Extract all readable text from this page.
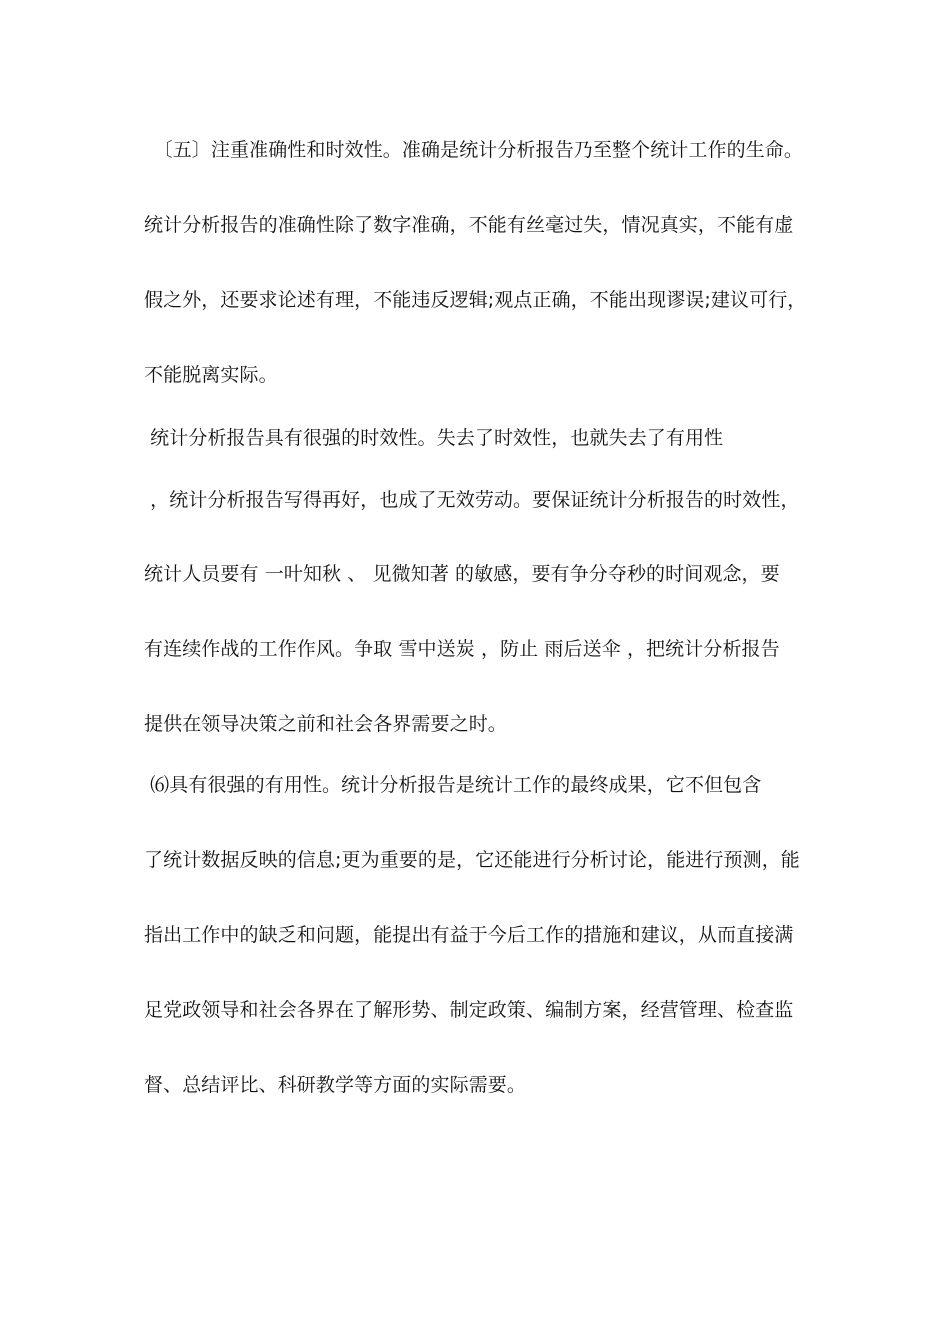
　〔五〕注重准确性和时效性。准确是统计分析报告乃至整个统计工作的生命。
统计分析报告的准确性除了数字准确，不能有丝毫过失，情况真实，不能有虚
假之外，还要求论述有理，不能违反逻辑;观点正确，不能出现谬误;建议可行，
不能脱离实际。
统计分析报告具有很强的时效性。失去了时效性，也就失去了有用性
，统计分析报告写得再好，也成了无效劳动。要保证统计分析报告的时效性，
统计人员要有 一叶知秋 、 见微知著 的敏感，要有争分夺秒的时间观念，要
有连续作战的工作作风。争取 雪中送炭 ，防止 雨后送伞 ，把统计分析报告
提供在领导决策之前和社会各界需要之时。
⑹具有很强的有用性。统计分析报告是统计工作的最终成果，它不但包含
了统计数据反映的信息;更为重要的是，它还能进行分析讨论，能进行预测，能
指出工作中的缺乏和问题，能提出有益于今后工作的措施和建议，从而直接满
足党政领导和社会各界在了解形势、制定政策、编制方案，经营管理、检查监
督、总结评比、科研教学等方面的实际需要。
